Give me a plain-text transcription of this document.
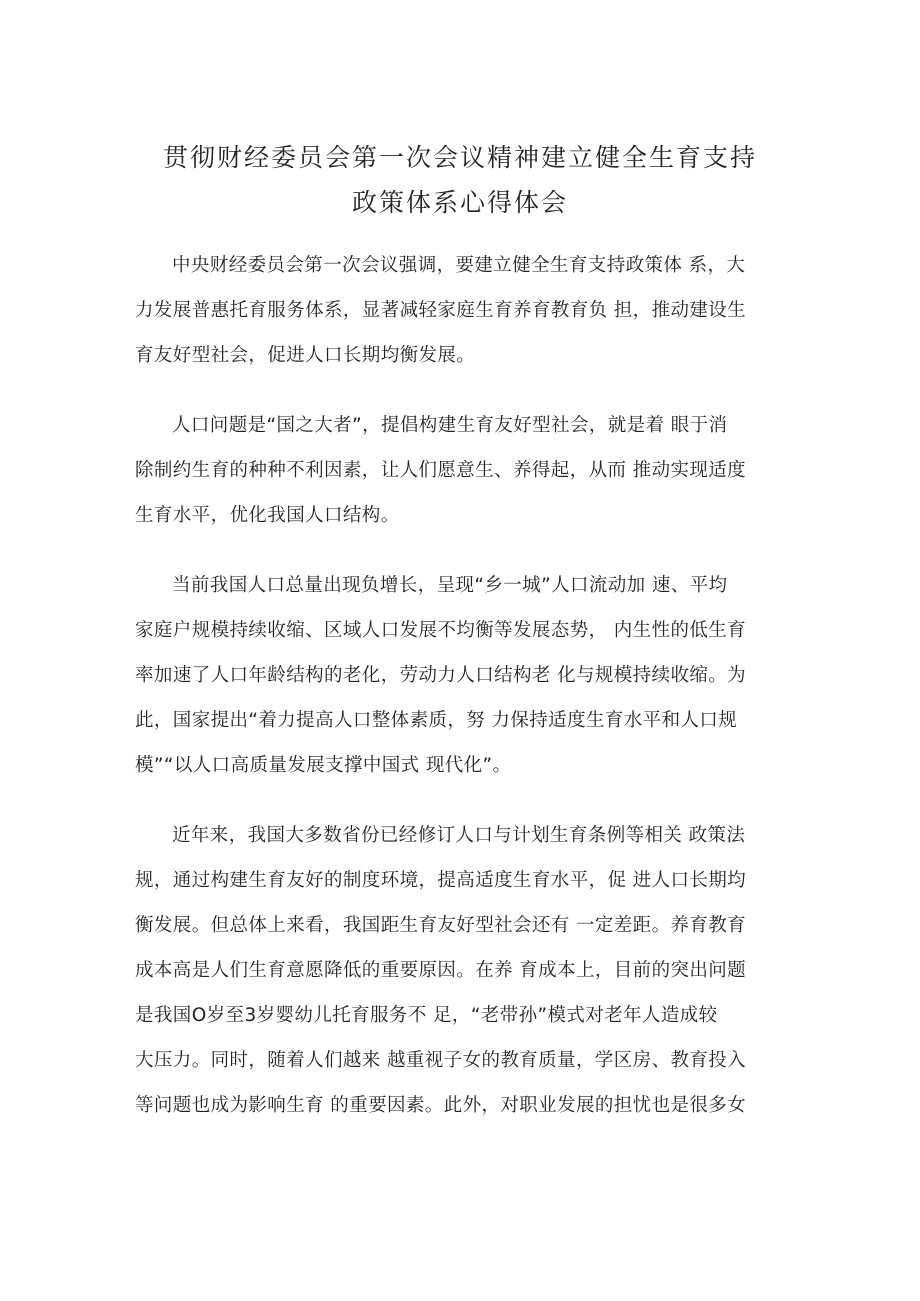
贯彻财经委员会第一次会议精神建立健全生育支持
政策体系心得体会
中央财经委员会第一次会议强调，要建立健全生育支持政策体 系，大
力发展普惠托育服务体系，显著减轻家庭生育养育教育负 担，推动建设生
育友好型社会，促进人口长期均衡发展。
人口问题是“国之大者”，提倡构建生育友好型社会，就是着 眼于消
除制约生育的种种不利因素，让人们愿意生、养得起，从而 推动实现适度
生育水平，优化我国人口结构。
当前我国人口总量出现负增长，呈现“乡一城”人口流动加 速、平均
家庭户规模持续收缩、区域人口发展不均衡等发展态势， 内生性的低生育
率加速了人口年龄结构的老化，劳动力人口结构老 化与规模持续收缩。为
此，国家提出“着力提高人口整体素质，努 力保持适度生育水平和人口规
模”“以人口高质量发展支撑中国式 现代化”。
近年来，我国大多数省份已经修订人口与计划生育条例等相关 政策法
规，通过构建生育友好的制度环境，提高适度生育水平，促 进人口长期均
衡发展。但总体上来看，我国距生育友好型社会还有 一定差距。养育教育
成本高是人们生育意愿降低的重要原因。在养 育成本上，目前的突出问题
是我国O岁至3岁婴幼儿托育服务不 足，“老带孙”模式对老年人造成较
大压力。同时，随着人们越来 越重视子女的教育质量，学区房、教育投入
等问题也成为影响生育 的重要因素。此外，对职业发展的担忧也是很多女
